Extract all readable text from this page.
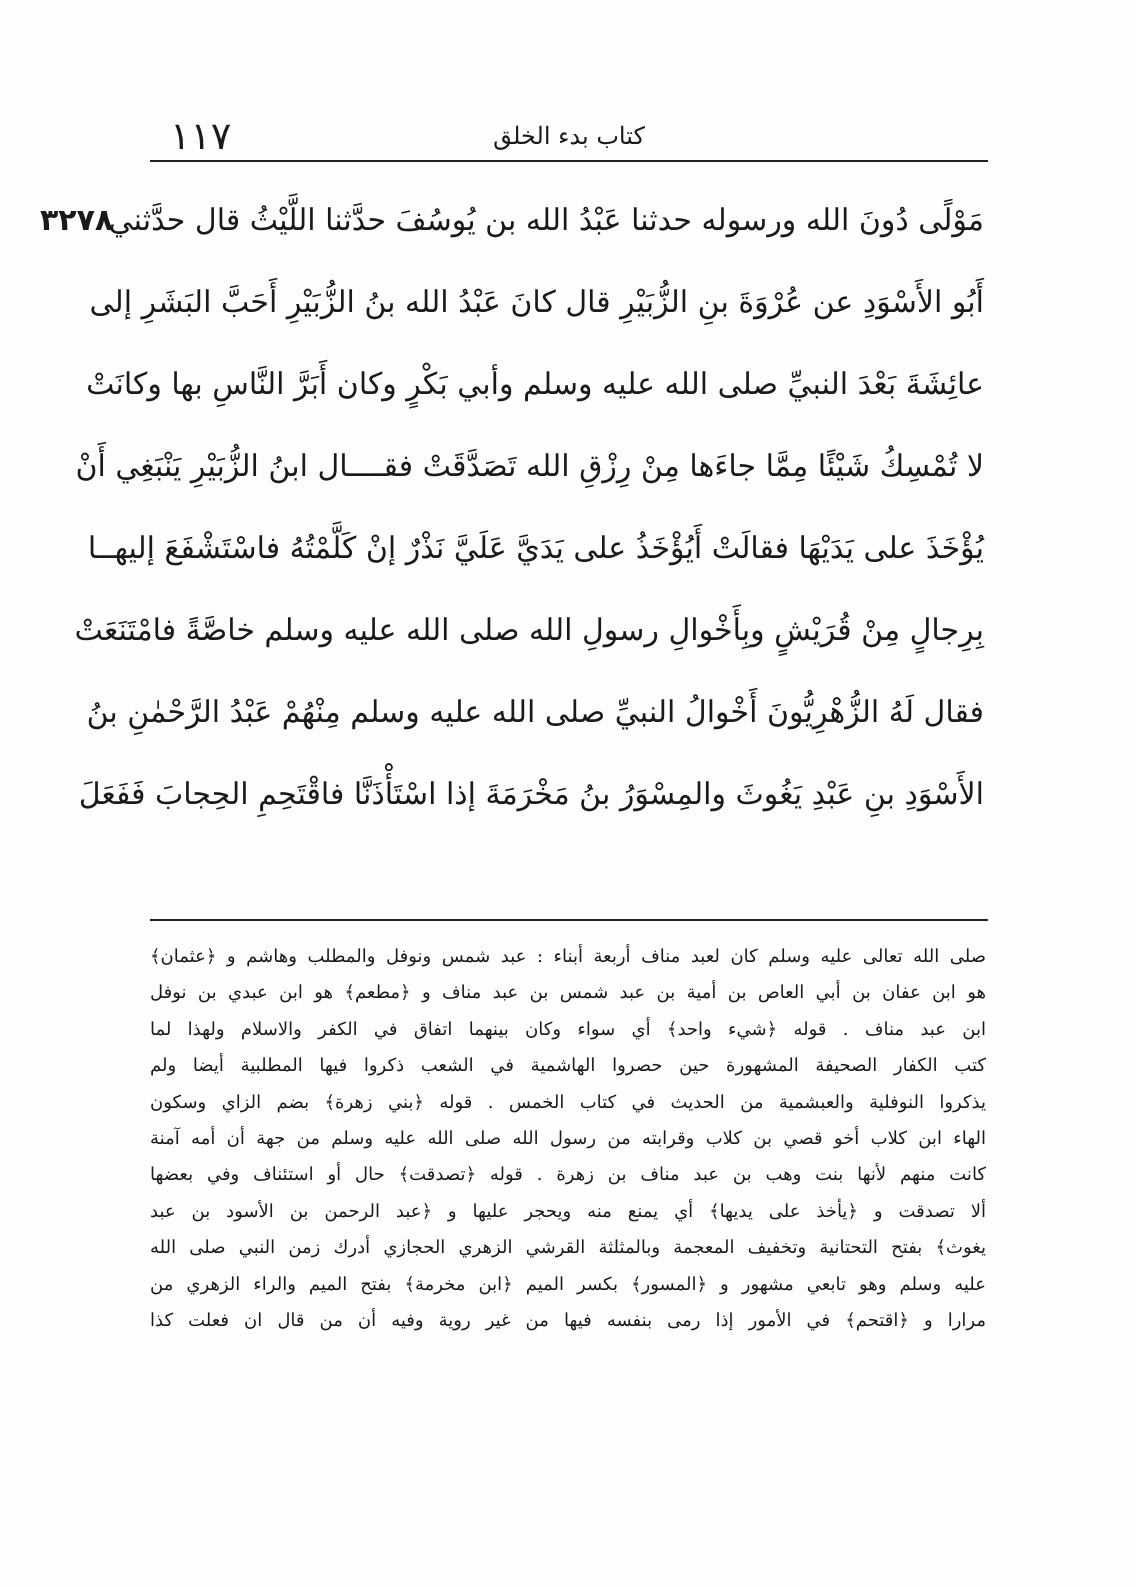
١١٧	كتاب بدء الخلق
٣٢٧٨
مَوْلًى دُونَ الله ورسوله حدثنا عَبْدُ الله بن يُوسُفَ حدَّثنا اللَّيْثُ قال حدَّثني
أَبُو الأَسْوَدِ عن عُرْوَةَ بنِ الزُّبَيْرِ قال كانَ عَبْدُ الله بنُ الزُّبَيْرِ أَحَبَّ البَشَرِ إلى
عائِشَةَ بَعْدَ النبيِّ صلى الله عليه وسلم وأبي بَكْرٍ وكان أَبَرَّ النَّاسِ بها وكانَتْ
لا تُمْسِكُ شَيْئًا مِمَّا جاءَها مِنْ رِزْقِ الله تَصَدَّقَتْ فقــــال ابنُ الزُّبَيْرِ يَنْبَغِي أَنْ
يُؤْخَذَ على يَدَيْهَا فقالَتْ أَيُؤْخَذُ على يَدَيَّ عَلَيَّ نَذْرٌ إنْ كَلَّمْتُهُ فاسْتَشْفَعَ إليهــا
بِرِجالٍ مِنْ قُرَيْشٍ وبِأَخْوالِ رسولِ الله صلى الله عليه وسلم خاصَّةً فامْتَنَعَتْ
فقال لَهُ الزُّهْرِيُّونَ أَخْوالُ النبيِّ صلى الله عليه وسلم مِنْهُمْ عَبْدُ الرَّحْمٰنِ بنُ
الأَسْوَدِ بنِ عَبْدِ يَغُوثَ والمِسْوَرُ بنُ مَخْرَمَةَ إذا اسْتَأْذَنَّا فاقْتَحِمِ الحِجابَ فَفَعَلَ
صلى الله تعالى عليه وسلم كان لعبد مناف أربعة أبناء : عبد شمس ونوفل والمطلب وهاشم و ﴿عثمان﴾
هو ابن عفان بن أبي العاص بن أمية بن عبد شمس بن عبد مناف و ﴿مطعم﴾ هو ابن عبدي بن نوفل
ابن عبد مناف . قوله ﴿شيء واحد﴾ أي سواء وكان بينهما اتفاق في الكفر والاسلام ولهذا لما
كتب الكفار الصحيفة المشهورة حين حصروا الهاشمية في الشعب ذكروا فيها المطلبية أيضا ولم
يذكروا النوفلية والعبشمية من الحديث في كتاب الخمس . قوله ﴿بني زهرة﴾ بضم الزاي وسكون
الهاء ابن كلاب أخو قصي بن كلاب وقرابته من رسول الله صلى الله عليه وسلم من جهة أن أمه آمنة
كانت منهم لأنها بنت وهب بن عبد مناف بن زهرة . قوله ﴿تصدقت﴾ حال أو استئناف وفي بعضها
ألا تصدقت و ﴿يأخذ على يديها﴾ أي يمنع منه ويحجر عليها و ﴿عبد الرحمن بن الأسود بن عبد
يغوث﴾ بفتح التحتانية وتخفيف المعجمة وبالمثلثة القرشي الزهري الحجازي أدرك زمن النبي صلى الله
عليه وسلم وهو تابعي مشهور و ﴿المسور﴾ بكسر الميم ﴿ابن مخرمة﴾ بفتح الميم والراء الزهري من
مرارا و ﴿اقتحم﴾ في الأمور إذا رمى بنفسه فيها من غير روية وفيه أن من قال ان فعلت كذا
